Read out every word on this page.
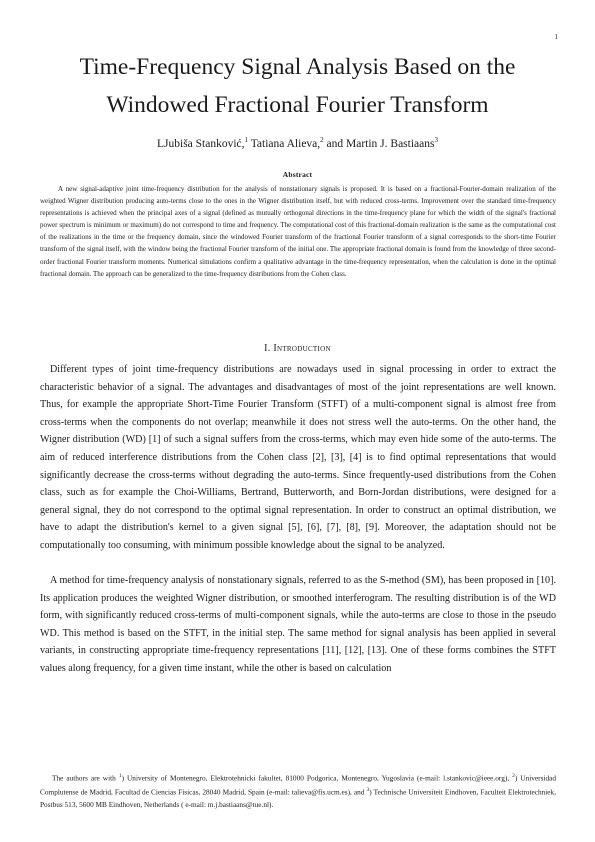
1
Time-Frequency Signal Analysis Based on the
Windowed Fractional Fourier Transform
LJubiša Stanković,$^1$ Tatiana Alieva,$^2$ and Martin J. Bastiaans$^3$
Abstract

A new signal-adaptive joint time-frequency distribution for the analysis of nonstationary signals is proposed. It is based on a fractional-Fourier-domain realization of the weighted Wigner distribution producing auto-terms close to the ones in the Wigner distribution itself, but with reduced cross-terms. Improvement over the standard time-frequency representations is achieved when the principal axes of a signal (defined as mutually orthogonal directions in the time-frequency plane for which the width of the signal's fractional power spectrum is minimum or maximum) do not correspond to time and frequency. The computational cost of this fractional-domain realization is the same as the computational cost of the realizations in the time or the frequency domain, since the windowed Fourier transform of the fractional Fourier transform of a signal corresponds to the short-time Fourier transform of the signal itself, with the window being the fractional Fourier transform of the initial one. The appropriate fractional domain is found from the knowledge of three second-order fractional Fourier transform moments. Numerical simulations confirm a qualitative advantage in the time-frequency representation, when the calculation is done in the optimal fractional domain. The approach can be generalized to the time-frequency distributions from the Cohen class.

I. Introduction

Different types of joint time-frequency distributions are nowadays used in signal processing in order to extract the characteristic behavior of a signal. The advantages and disadvantages of most of the joint representations are well known. Thus, for example the appropriate Short-Time Fourier Transform (STFT) of a multi-component signal is almost free from cross-terms when the components do not overlap; meanwhile it does not stress well the auto-terms. On the other hand, the Wigner distribution (WD) [1] of such a signal suffers from the cross-terms, which may even hide some of the auto-terms. The aim of reduced interference distributions from the Cohen class [2], [3], [4] is to find optimal representations that would significantly decrease the cross-terms without degrading the auto-terms. Since frequently-used distributions from the Cohen class, such as for example the Choi-Williams, Bertrand, Butterworth, and Born-Jordan distributions, were designed for a general signal, they do not correspond to the optimal signal representation. In order to construct an optimal distribution, we have to adapt the distribution's kernel to a given signal [5], [6], [7], [8], [9]. Moreover, the adaptation should not be computationally too consuming, with minimum possible knowledge about the signal to be analyzed.

A method for time-frequency analysis of nonstationary signals, referred to as the S-method (SM), has been proposed in [10]. Its application produces the weighted Wigner distribution, or smoothed interferogram. The resulting distribution is of the WD form, with significantly reduced cross-terms of multi-component signals, while the auto-terms are close to those in the pseudo WD. This method is based on the STFT, in the initial step. The same method for signal analysis has been applied in several variants, in constructing appropriate time-frequency representations [11], [12], [13]. One of these forms combines the STFT values along frequency, for a given time instant, while the other is based on calculation

The authors are with $^1$) University of Montenegro, Elektrotehnicki fakultet, 81000 Podgorica, Montenegro, Yugoslavia (e-mail: l.stankovic@ieee.org), $^2$) Universidad Complutense de Madrid, Facultad de Ciencias Físicas, 28040 Madrid, Spain (e-mail: talieva@fis.ucm.es), and $^3$) Technische Universiteit Eindhoven, Faculteit Elektrotechniek, Postbus 513, 5600 MB Eindhoven, Netherlands ( e-mail: m.j.bastiaans@tue.nl).
